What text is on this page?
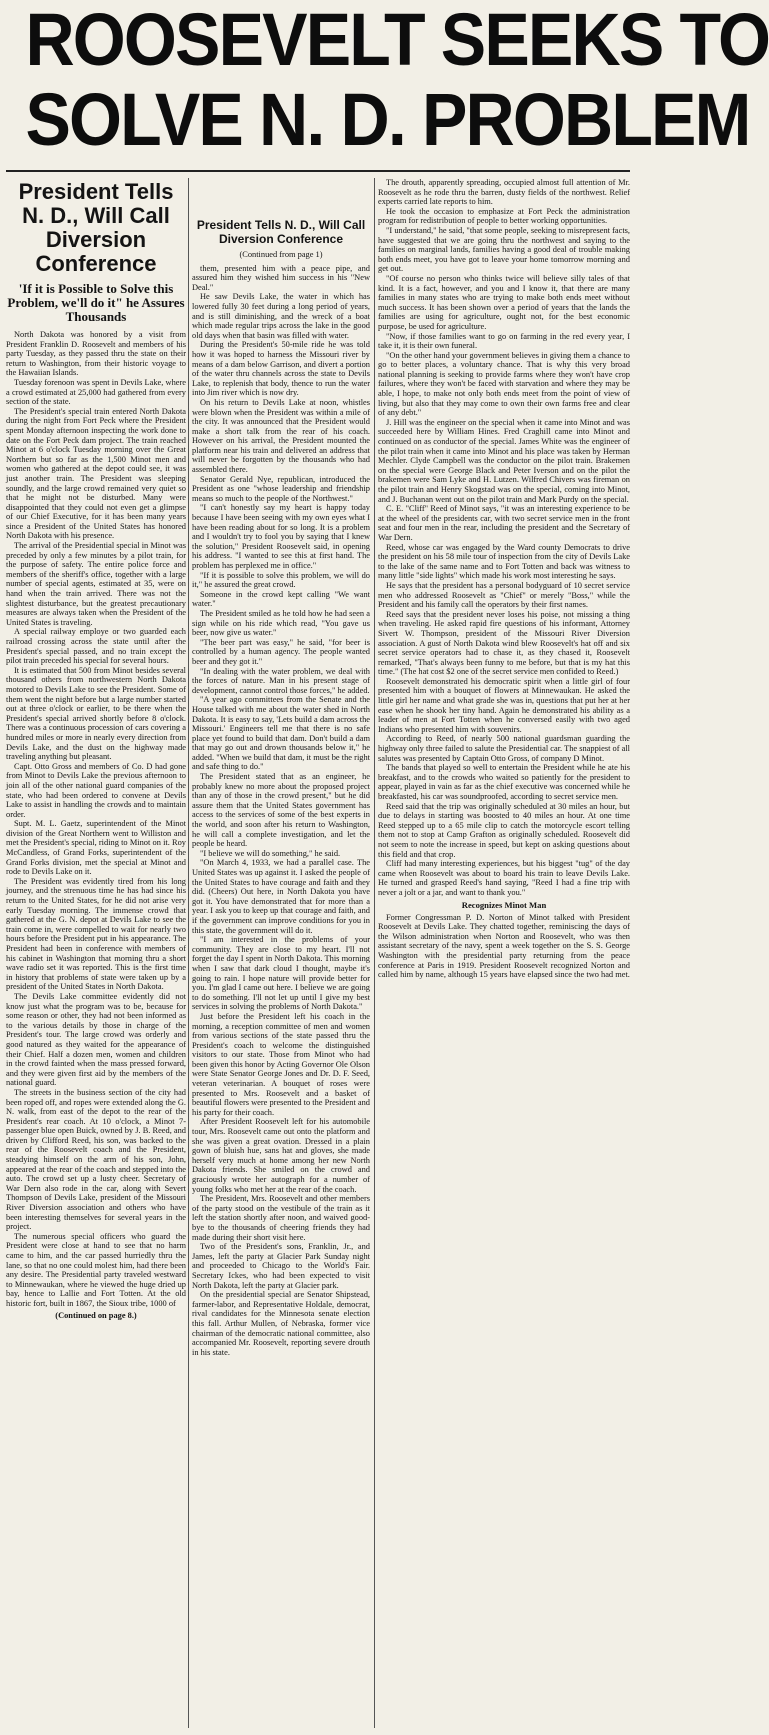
ROOSEVELT SEEKS TO
SOLVE N. D. PROBLEM
President Tells N. D., Will Call Diversion Conference
'If it is Possible to Solve this Problem, we'll do it" he Assures Thousands

North Dakota was honored by a visit from President Franklin D. Roosevelt and members of his party Tuesday, as they passed thru the state on their return to Washington, from their historic voyage to the Hawaiian Islands.

Tuesday forenoon was spent in Devils Lake, where a crowd estimated at 25,000 had gathered from every section of the state.

The President's special train entered North Dakota during the night from Fort Peck where the President spent Monday afternoon inspecting the work done to date on the Fort Peck dam project. The train reached Minot at 6 o'clock Tuesday morning over the Great Northern but so far as the 1,500 Minot men and women who gathered at the depot could see, it was just another train. The President was sleeping soundly, and the large crowd remained very quiet so that he might not be disturbed. Many were disappointed that they could not even get a glimpse of our Chief Executive, for it has been many years since a President of the United States has honored North Dakota with his presence.

The arrival of the Presidential special in Minot was preceded by only a few minutes by a pilot train, for the purpose of safety. The entire police force and members of the sheriff's office, together with a large number of special agents, estimated at 35, were on hand when the train arrived. There was not the slightest disturbance, but the greatest precautionary measures are always taken when the President of the United States is traveling.

A special railway employe or two guarded each railroad crossing across the state until after the President's special passed, and no train except the pilot train preceded his special for several hours.

It is estimated that 500 from Minot besides several thousand others from northwestern North Dakota motored to Devils Lake to see the President. Some of them went the night before but a large number started out at three o'clock or earlier, to be there when the President's special arrived shortly before 8 o'clock. There was a continuous procession of cars covering a hundred miles or more in nearly every direction from Devils Lake, and the dust on the highway made traveling anything but pleasant.

Capt. Otto Gross and members of Co. D had gone from Minot to Devils Lake the previous afternoon to join all of the other national guard companies of the state, who had been ordered to convene at Devils Lake to assist in handling the crowds and to maintain order.

Supt. M. L. Gaetz, superintendent of the Minot division of the Great Northern went to Williston and met the President's special, riding to Minot on it. Roy McCandless, of Grand Forks, superintendent of the Grand Forks division, met the special at Minot and rode to Devils Lake on it.

The President was evidently tired from his long journey, and the strenuous time he has had since his return to the United States, for he did not arise very early Tuesday morning. The immense crowd that gathered at the G. N. depot at Devils Lake to see the train come in, were compelled to wait for nearly two hours before the President put in his appearance. The President had been in conference with members of his cabinet in Washington that morning thru a short wave radio set it was reported. This is the first time in history that problems of state were taken up by a president of the United States in North Dakota.

The Devils Lake committee evidently did not know just what the program was to be, because for some reason or other, they had not been informed as to the various details by those in charge of the President's tour. The large crowd was orderly and good natured as they waited for the appearance of their Chief. Half a dozen men, women and children in the crowd fainted when the mass pressed forward, and they were given first aid by the members of the national guard.

The streets in the business section of the city had been roped off, and ropes were extended along the G. N. walk, from east of the depot to the rear of the President's rear coach. At 10 o'clock, a Minot 7-passenger blue open Buick, owned by J. B. Reed, and driven by Clifford Reed, his son, was backed to the rear of the Roosevelt coach and the President, steadying himself on the arm of his son, John, appeared at the rear of the coach and stepped into the auto. The crowd set up a lusty cheer. Secretary of War Dern also rode in the car, along with Severt Thompson of Devils Lake, president of the Missouri River Diversion association and others who have been interesting themselves for several years in the project.

The numerous special officers who guard the President were close at hand to see that no harm came to him, and the car passed hurriedly thru the lane, so that no one could molest him, had there been any desire. The Presidential party traveled westward to Minnewaukan, where he viewed the huge dried up bay, hence to Lallie and Fort Totten. At the old historic fort, built in 1867, the Sioux tribe, 1000 of

(Continued on page 8.)
President Tells N. D., Will Call Diversion Conference
(Continued from page 1)

them, presented him with a peace pipe, and assured him they wished him success in his "New Deal."

He saw Devils Lake, the water in which has lowered fully 30 feet during a long period of years, and is still diminishing, and the wreck of a boat which made regular trips across the lake in the good old days when that basin was filled with water.

During the President's 50-mile ride he was told how it was hoped to harness the Missouri river by means of a dam below Garrison, and divert a portion of the water thru channels across the state to Devils Lake, to replenish that body, thence to run the water into Jim river which is now dry.

On his return to Devils Lake at noon, whistles were blown when the President was within a mile of the city. It was announced that the President would make a short talk from the rear of his coach. However on his arrival, the President mounted the platform near his train and delivered an address that will never be forgotten by the thousands who had assembled there.

Senator Gerald Nye, republican, introduced the President as one "whose leadership and friendship means so much to the people of the Northwest."

"I can't honestly say my heart is happy today because I have been seeing with my own eyes what I have been reading about for so long. It is a problem and I wouldn't try to fool you by saying that I knew the solution," President Roosevelt said, in opening his address. "I wanted to see this at first hand. The problem has perplexed me in office."

"If it is possible to solve this problem, we will do it," he assured the great crowd.

Someone in the crowd kept calling "We want water."

The President smiled as he told how he had seen a sign while on his ride which read, "You gave us beer, now give us water."

"The beer part was easy," he said, "for beer is controlled by a human agency. The people wanted beer and they got it."

"In dealing with the water problem, we deal with the forces of nature. Man in his present stage of development, cannot control those forces," he added.

"A year ago committees from the Senate and the House talked with me about the water shed in North Dakota. It is easy to say, 'Lets build a dam across the Missouri.' Engineers tell me that there is no safe place yet found to build that dam. Don't build a dam that may go out and drown thousands below it," he added. "When we build that dam, it must be the right and safe thing to do."

The President stated that as an engineer, he probably knew no more about the proposed project than any of those in the crowd present," but he did assure them that the United States government has access to the services of some of the best experts in the world, and soon after his return to Washington, he will call a complete investigation, and let the people be heard.

"I believe we will do something," he said.

"On March 4, 1933, we had a parallel case. The United States was up against it. I asked the people of the United States to have courage and faith and they did. (Cheers) Out here, in North Dakota you have got it. You have demonstrated that for more than a year. I ask you to keep up that courage and faith, and if the government can improve conditions for you in this state, the government will do it.

"I am interested in the problems of your community. They are close to my heart. I'll not forget the day I spent in North Dakota. This morning when I saw that dark cloud I thought, maybe it's going to rain. I hope nature will provide better for you. I'm glad I came out here. I believe we are going to do something. I'll not let up until I give my best services in solving the problems of North Dakota."

Just before the President left his coach in the morning, a reception committee of men and women from various sections of the state passed thru the President's coach to welcome the distinguished visitors to our state. Those from Minot who had been given this honor by Acting Governor Ole Olson were State Senator George Jones and Dr. D. F. Seed, veteran veterinarian. A bouquet of roses were presented to Mrs. Roosevelt and a basket of beautiful flowers were presented to the President and his party for their coach.

After President Roosevelt left for his automobile tour, Mrs. Roosevelt came out onto the platform and she was given a great ovation. Dressed in a plain gown of bluish hue, sans hat and gloves, she made herself very much at home among her new North Dakota friends. She smiled on the crowd and graciously wrote her autograph for a number of young folks who met her at the rear of the coach.

The President, Mrs. Roosevelt and other members of the party stood on the vestibule of the train as it left the station shortly after noon, and waived good-bye to the thousands of cheering friends they had made during their short visit here.

Two of the President's sons, Franklin, Jr., and James, left the party at Glacier Park Sunday night and proceeded to Chicago to the World's Fair. Secretary Ickes, who had been expected to visit North Dakota, left the party at Glacier park.

On the presidential special are Senator Shipstead, farmer-labor, and Representative Holdale, democrat, rival candidates for the Minnesota senate election this fall. Arthur Mullen, of Nebraska, former vice chairman of the democratic national committee, also accompanied Mr. Roosevelt, reporting severe drouth in his state.

The drouth, apparently spreading, occupied almost full attention of Mr. Roosevelt as he rode thru the barren, dusty fields of the northwest. Relief experts carried late reports to him.

He took the occasion to emphasize at Fort Peck the administration program for redistribution of people to better working opportunities.

"I understand," he said, "that some people, seeking to misrepresent facts, have suggested that we are going thru the northwest and saying to the families on marginal lands, families having a good deal of trouble making both ends meet, you have got to leave your home tomorrow morning and get out.

"Of course no person who thinks twice will believe silly tales of that kind. It is a fact, however, and you and I know it, that there are many families in many states who are trying to make both ends meet without much success. It has been shown over a period of years that the lands the families are using for agriculture, ought not, for the best economic purpose, be used for agriculture.

"Now, if those families want to go on farming in the red every year, I take it, it is their own funeral.

"On the other hand your government believes in giving them a chance to go to better places, a voluntary chance. That is why this very broad national planning is seeking to provide farms where they won't have crop failures, where they won't be faced with starvation and where they may be able, I hope, to make not only both ends meet from the point of view of living, but also that they may come to own their own farms free and clear of any debt."

J. Hill was the engineer on the special when it came into Minot and was succeeded here by William Hines. Fred Craghill came into Minot and continued on as conductor of the special. James White was the engineer of the pilot train when it came into Minot and his place was taken by Herman Mechler. Clyde Campbell was the conductor on the pilot train. Brakemen on the special were George Black and Peter Iverson and on the pilot the brakemen were Sam Lyke and H. Lutzen. Wilfred Chivers was fireman on the pilot train and Henry Skogstad was on the special, coming into Minot, and J. Buchanan went out on the pilot train and Mark Purdy on the special.

C. E. "Cliff" Reed of Minot says, "it was an interesting experience to be at the wheel of the presidents car, with two secret service men in the front seat and four men in the rear, including the president and the Secretary of War Dern.

Reed, whose car was engaged by the Ward county Democrats to drive the president on his 58 mile tour of inspection from the city of Devils Lake to the lake of the same name and to Fort Totten and back was witness to many little "side lights" which made his work most interesting he says.

He says that the president has a personal bodyguard of 10 secret service men who addressed Roosevelt as "Chief" or merely "Boss," while the President and his family call the operators by their first names.

Reed says that the president never loses his poise, not missing a thing when traveling. He asked rapid fire questions of his informant, Attorney Sivert W. Thompson, president of the Missouri River Diversion association. A gust of North Dakota wind blew Roosevelt's hat off and six secret service operators had to chase it, as they chased it, Roosevelt remarked, "That's always been funny to me before, but that is my hat this time." (The hat cost $2 one of the secret service men confided to Reed.)

Roosevelt demonstrated his democratic spirit when a little girl of four presented him with a bouquet of flowers at Minnewaukan. He asked the little girl her name and what grade she was in, questions that put her at her ease when he shook her tiny hand. Again he demonstrated his ability as a leader of men at Fort Totten when he conversed easily with two aged Indians who presented him with souvenirs.

According to Reed, of nearly 500 national guardsman guarding the highway only three failed to salute the Presidential car. The snappiest of all salutes was presented by Captain Otto Gross, of company D Minot.

The bands that played so well to entertain the President while he ate his breakfast, and to the crowds who waited so patiently for the president to appear, played in vain as far as the chief executive was concerned while he breakfasted, his car was soundproofed, according to secret service men.

Reed said that the trip was originally scheduled at 30 miles an hour, but due to delays in starting was boosted to 40 miles an hour. At one time Reed stepped up to a 65 mile clip to catch the motorcycle escort telling them not to stop at Camp Grafton as originally scheduled. Roosevelt did not seem to note the increase in speed, but kept on asking questions about this field and that crop.

Cliff had many interesting experiences, but his biggest "tug" of the day came when Roosevelt was about to board his train to leave Devils Lake. He turned and grasped Reed's hand saying, "Reed I had a fine trip with never a jolt or a jar, and want to thank you."

Recognizes Minot Man

Former Congressman P. D. Norton of Minot talked with President Roosevelt at Devils Lake. They chatted together, reminiscing the days of the Wilson administration when Norton and Roosevelt, who was then assistant secretary of the navy, spent a week together on the S. S. George Washington with the presidential party returning from the peace conference at Paris in 1919. President Roosevelt recognized Norton and called him by name, although 15 years have elapsed since the two had met.
